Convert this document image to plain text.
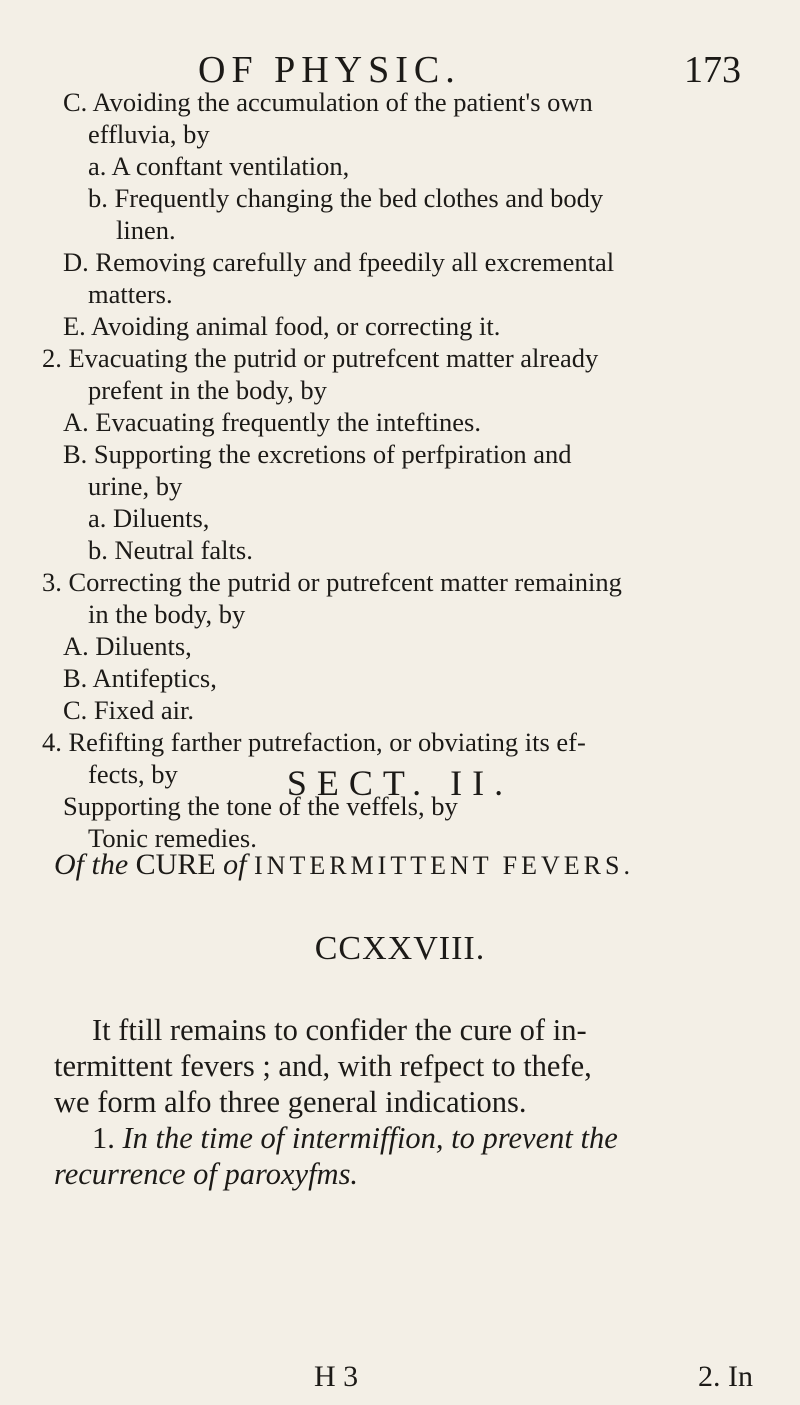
OF PHYSIC.	173
C. Avoiding the accumulation of the patient's own
effluvia, by
a. A conftant ventilation,
b. Frequently changing the bed clothes and body
linen.
D. Removing carefully and fpeedily all excremental
matters.
E. Avoiding animal food, or correcting it.
2. Evacuating the putrid or putrefcent matter already
prefent in the body, by
A. Evacuating frequently the inteftines.
B. Supporting the excretions of perfpiration and
urine, by
a. Diluents,
b. Neutral falts.
3. Correcting the putrid or putrefcent matter remaining
in the body, by
A. Diluents,
B. Antifeptics,
C. Fixed air.
4. Refifting farther putrefaction, or obviating its ef-
fects, by
Supporting the tone of the veffels, by
Tonic remedies.
SECT. II.
Of the CURE of INTERMITTENT FEVERS.
CCXXVIII.
It ftill remains to confider the cure of in-
termittent fevers ; and, with refpect to thefe,
we form alfo three general indications.
1. In the time of intermiffion, to prevent the
recurrence of paroxyfms.
H 3	2. In
